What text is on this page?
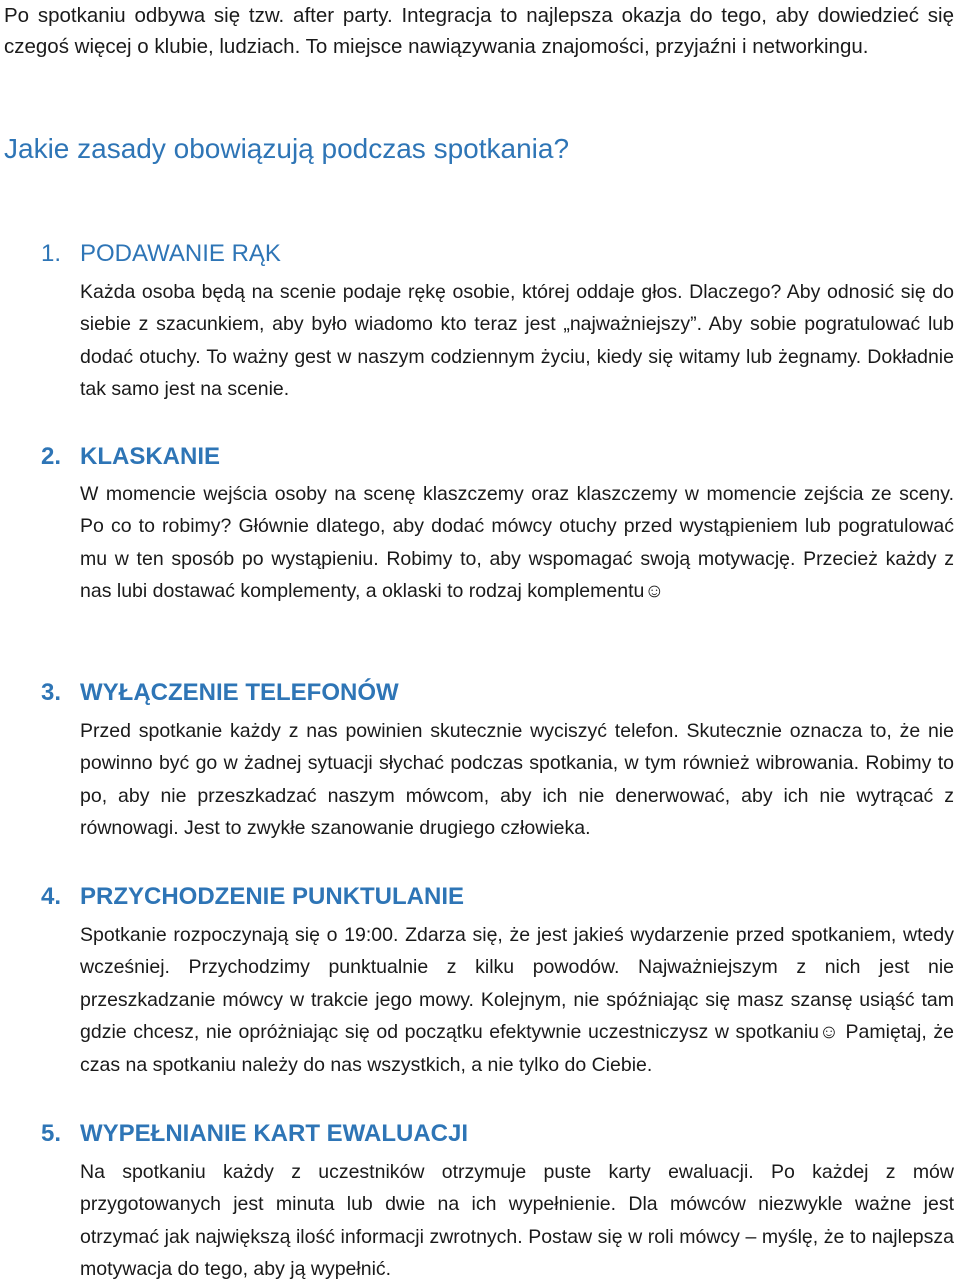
Po spotkaniu odbywa się tzw. after party. Integracja to najlepsza okazja do tego, aby dowiedzieć się czegoś więcej o klubie, ludziach. To miejsce nawiązywania znajomości, przyjaźni i networkingu.

Jakie zasady obowiązują podczas spotkania?
1. PODAWANIE RĄK

Każda osoba będą na scenie podaje rękę osobie, której oddaje głos. Dlaczego? Aby odnosić się do siebie z szacunkiem, aby było wiadomo kto teraz jest „najważniejszy”. Aby sobie pogratulować lub dodać otuchy. To ważny gest w naszym codziennym życiu, kiedy się witamy lub żegnamy. Dokładnie tak samo jest na scenie.

2. KLASKANIE

W momencie wejścia osoby na scenę klaszczemy oraz klaszczemy w momencie zejścia ze sceny. Po co to robimy? Głównie dlatego, aby dodać mówcy otuchy przed wystąpieniem lub pogratulować mu w ten sposób po wystąpieniu. Robimy to, aby wspomagać swoją motywację. Przecież każdy z nas lubi dostawać komplementy, a oklaski to rodzaj komplementu☺

3. WYŁĄCZENIE TELEFONÓW

Przed spotkanie każdy z nas powinien skutecznie wyciszyć telefon. Skutecznie oznacza to, że nie powinno być go w żadnej sytuacji słychać podczas spotkania, w tym również wibrowania. Robimy to po, aby nie przeszkadzać naszym mówcom, aby ich nie denerwować, aby ich nie wytrącać z równowagi. Jest to zwykłe szanowanie drugiego człowieka.

4. PRZYCHODZENIE PUNKTULANIE

Spotkanie rozpoczynają się o 19:00. Zdarza się, że jest jakieś wydarzenie przed spotkaniem, wtedy wcześniej. Przychodzimy punktualnie z kilku powodów. Najważniejszym z nich jest nie przeszkadzanie mówcy w trakcie jego mowy. Kolejnym, nie spóźniając się masz szansę usiąść tam gdzie chcesz, nie opróżniając się od początku efektywnie uczestniczysz w spotkaniu☺ Pamiętaj, że czas na spotkaniu należy do nas wszystkich, a nie tylko do Ciebie.

5. WYPEŁNIANIE KART EWALUACJI

Na spotkaniu każdy z uczestników otrzymuje puste karty ewaluacji. Po każdej z mów przygotowanych jest minuta lub dwie na ich wypełnienie. Dla mówców niezwykle ważne jest otrzymać jak największą ilość informacji zwrotnych. Postaw się w roli mówcy – myślę, że to najlepsza motywacja do tego, aby ją wypełnić.
